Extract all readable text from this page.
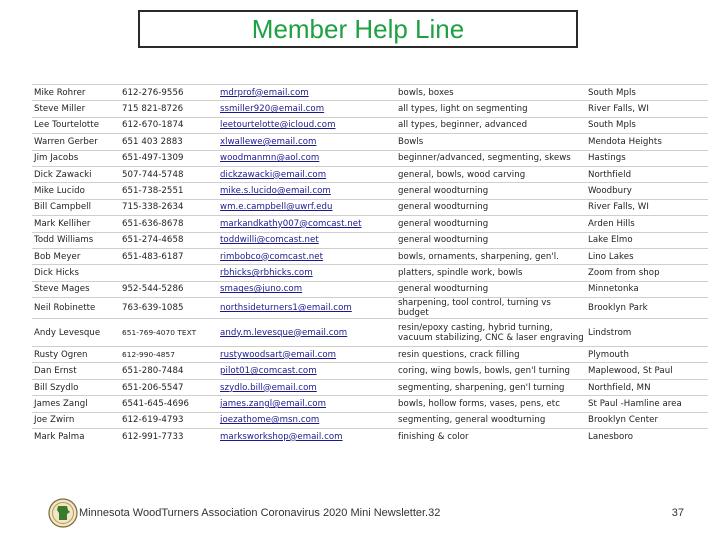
Member Help Line
Mike Rohrer	612-276-9556	mdrprof@email.com	bowls, boxes	South Mpls
Steve Miller	715 821-8726	ssmiller920@email.com	all types, light on segmenting	River Falls, WI
Lee Tourtelotte	612-670-1874	leetourtelotte@icloud.com	all types, beginner, advanced	South Mpls
Warren Gerber	651 403 2883	xlwallewe@email.com	Bowls	Mendota Heights
Jim Jacobs	651-497-1309	woodmanmn@aol.com	beginner/advanced, segmenting, skews	Hastings
Dick Zawacki	507-744-5748	dickzawacki@email.com	general, bowls, wood carving	Northfield
Mike Lucido	651-738-2551	mike.s.lucido@email.com	general woodturning	Woodbury
Bill Campbell	715-338-2634	wm.e.campbell@uwrf.edu	general woodturning	River Falls, WI
Mark Kelliher	651-636-8678	markandkathy007@comcast.net	general woodturning	Arden Hills
Todd Williams	651-274-4658	toddwilli@comcast.net	general woodturning	Lake Elmo
Bob Meyer	651-483-6187	rimbobco@comcast.net	bowls, ornaments, sharpening, gen'l.	Lino Lakes
Dick Hicks		rbhicks@rbhicks.com	platters, spindle work, bowls	Zoom from shop
Steve Mages	952-544-5286	smages@juno.com	general woodturning	Minnetonka
Neil Robinette	763-639-1085	northsideturners1@email.com	sharpening, tool control, turning vs budget	Brooklyn Park
Andy Levesque	651-769-4070 TEXT	andy.m.levesque@email.com	resin/epoxy casting, hybrid turning, vacuum stabilizing, CNC & laser engraving	Lindstrom
Rusty Ogren	612-990-4857	rustywoodsart@email.com	resin questions, crack filling	Plymouth
Dan Ernst	651-280-7484	pilot01@comcast.com	coring, wing bowls, bowls, gen'l turning	Maplewood, St Paul
Bill Szydlo	651-206-5547	szydlo.bill@email.com	segmenting, sharpening, gen'l turning	Northfield, MN
James Zangl	6541-645-4696	james.zangl@email.com	bowls, hollow forms, vases, pens, etc	St Paul -Hamline area
Joe Zwirn	612-619-4793	joezathome@msn.com	segmenting, general woodturning	Brooklyn Center
Mark Palma	612-991-7733	marksworkshop@email.com	finishing & color	Lanesboro
Minnesota WoodTurners Association Coronavirus 2020 Mini Newsletter.32	37
